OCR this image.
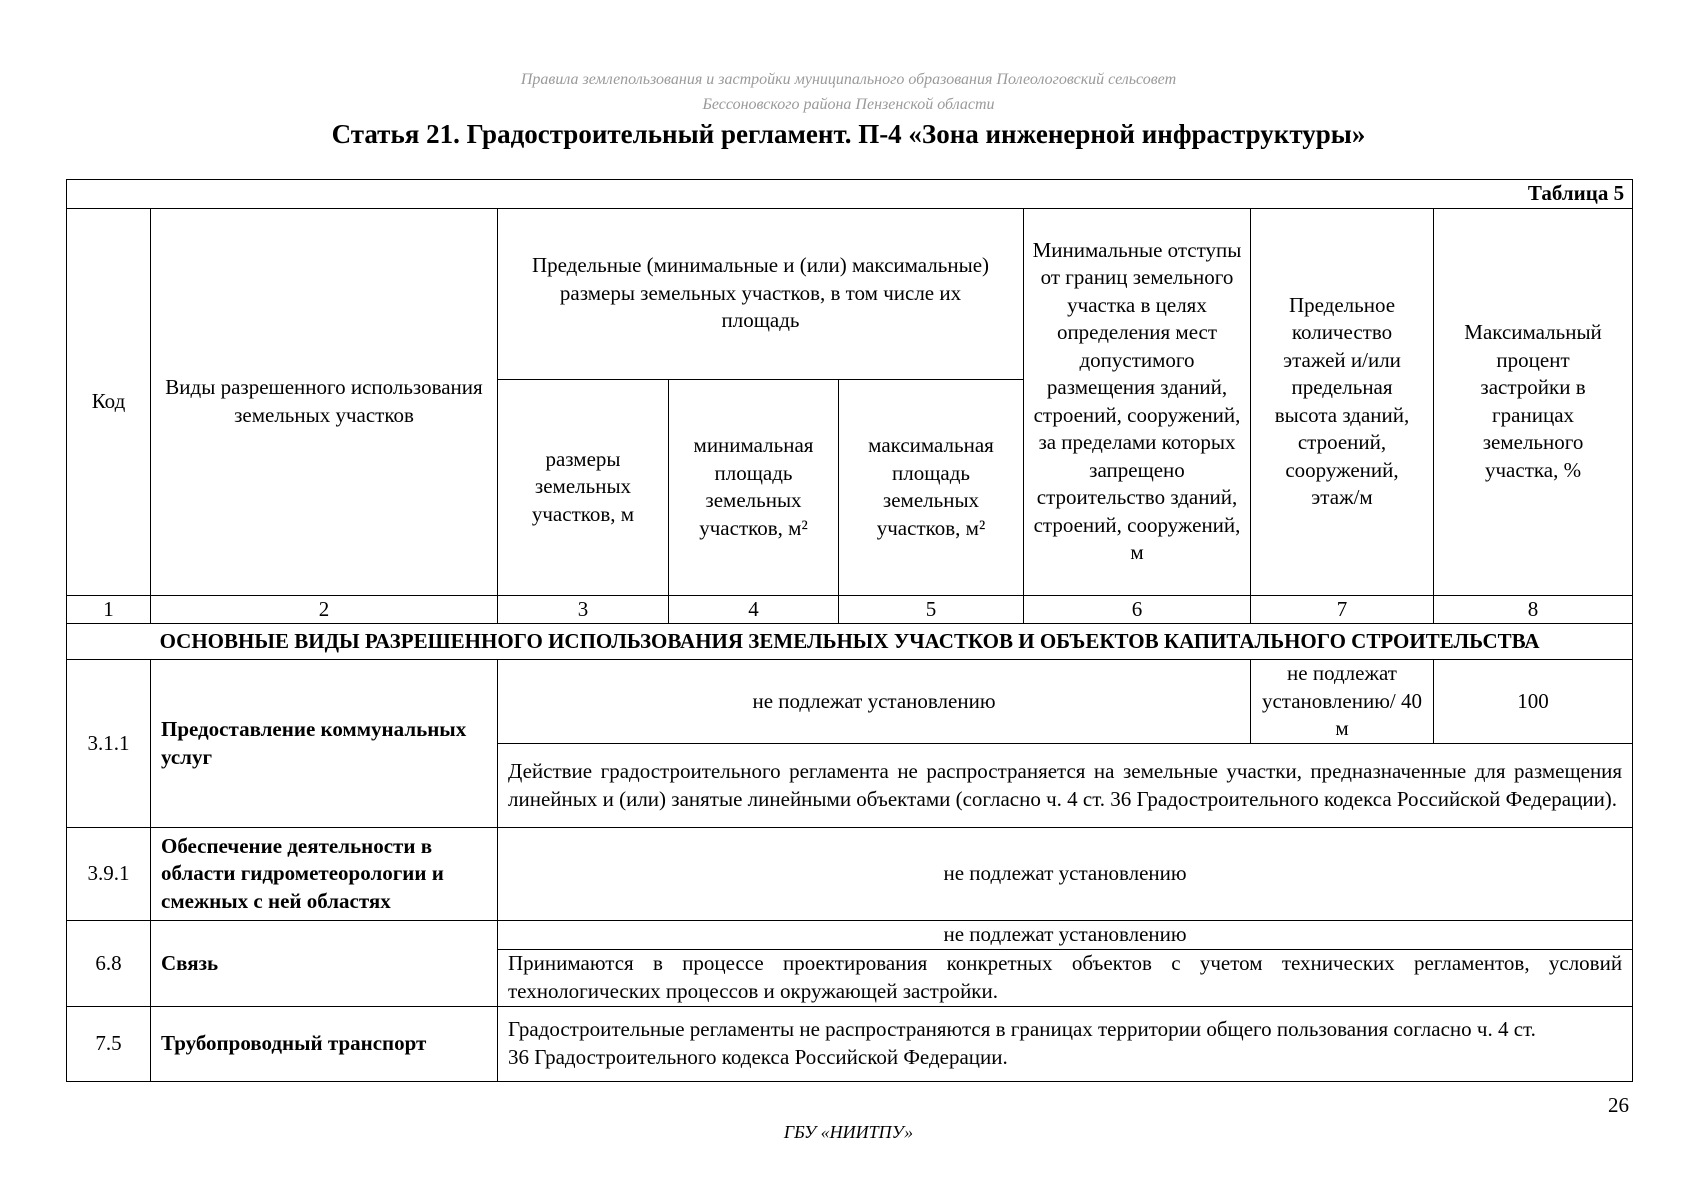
Правила землепользования и застройки муниципального образования Полеологовский сельсовет
Бессоновского района Пензенской области
Статья 21. Градостроительный регламент. П-4 «Зона инженерной инфраструктуры»
Таблица 5							
Код	Виды разрешенного использования земельных участков	Предельные (минимальные и (или) максимальные) размеры земельных участков, в том числе их площадь			Минимальные отступы от границ земельного участка в целях определения мест допустимого размещения зданий, строений, сооружений, за пределами которых запрещено строительство зданий, строений, сооружений, м	Предельное количество этажей и/или предельная высота зданий, строений, сооружений, этаж/м	Максимальный процент застройки в границах земельного участка, %
		размеры земельных участков, м	минимальная площадь земельных участков, м²	максимальная площадь земельных участков, м²			
1	2	3	4	5	6	7	8
ОСНОВНЫЕ ВИДЫ РАЗРЕШЕННОГО ИСПОЛЬЗОВАНИЯ ЗЕМЕЛЬНЫХ УЧАСТКОВ И ОБЪЕКТОВ КАПИТАЛЬНОГО СТРОИТЕЛЬСТВА							
3.1.1	Предоставление коммунальных услуг	не подлежат установлению				не подлежат установлению/ 40 м	100
		Действие градостроительного регламента не распространяется на земельные участки, предназначенные для размещения линейных и (или) занятые линейными объектами (согласно ч. 4 ст. 36 Градостроительного кодекса Российской Федерации).					
3.9.1	Обеспечение деятельности в области гидрометеорологии и смежных с ней областях	не подлежат установлению					
6.8	Связь	не подлежат установлению					
		Принимаются в процессе проектирования конкретных объектов с учетом технических регламентов, условий технологических процессов и окружающей застройки.					
7.5	Трубопроводный транспорт	Градостроительные регламенты не распространяются в границах территории общего пользования согласно ч. 4 ст. 36 Градостроительного кодекса Российской Федерации.					
26
ГБУ «НИИТПУ»
